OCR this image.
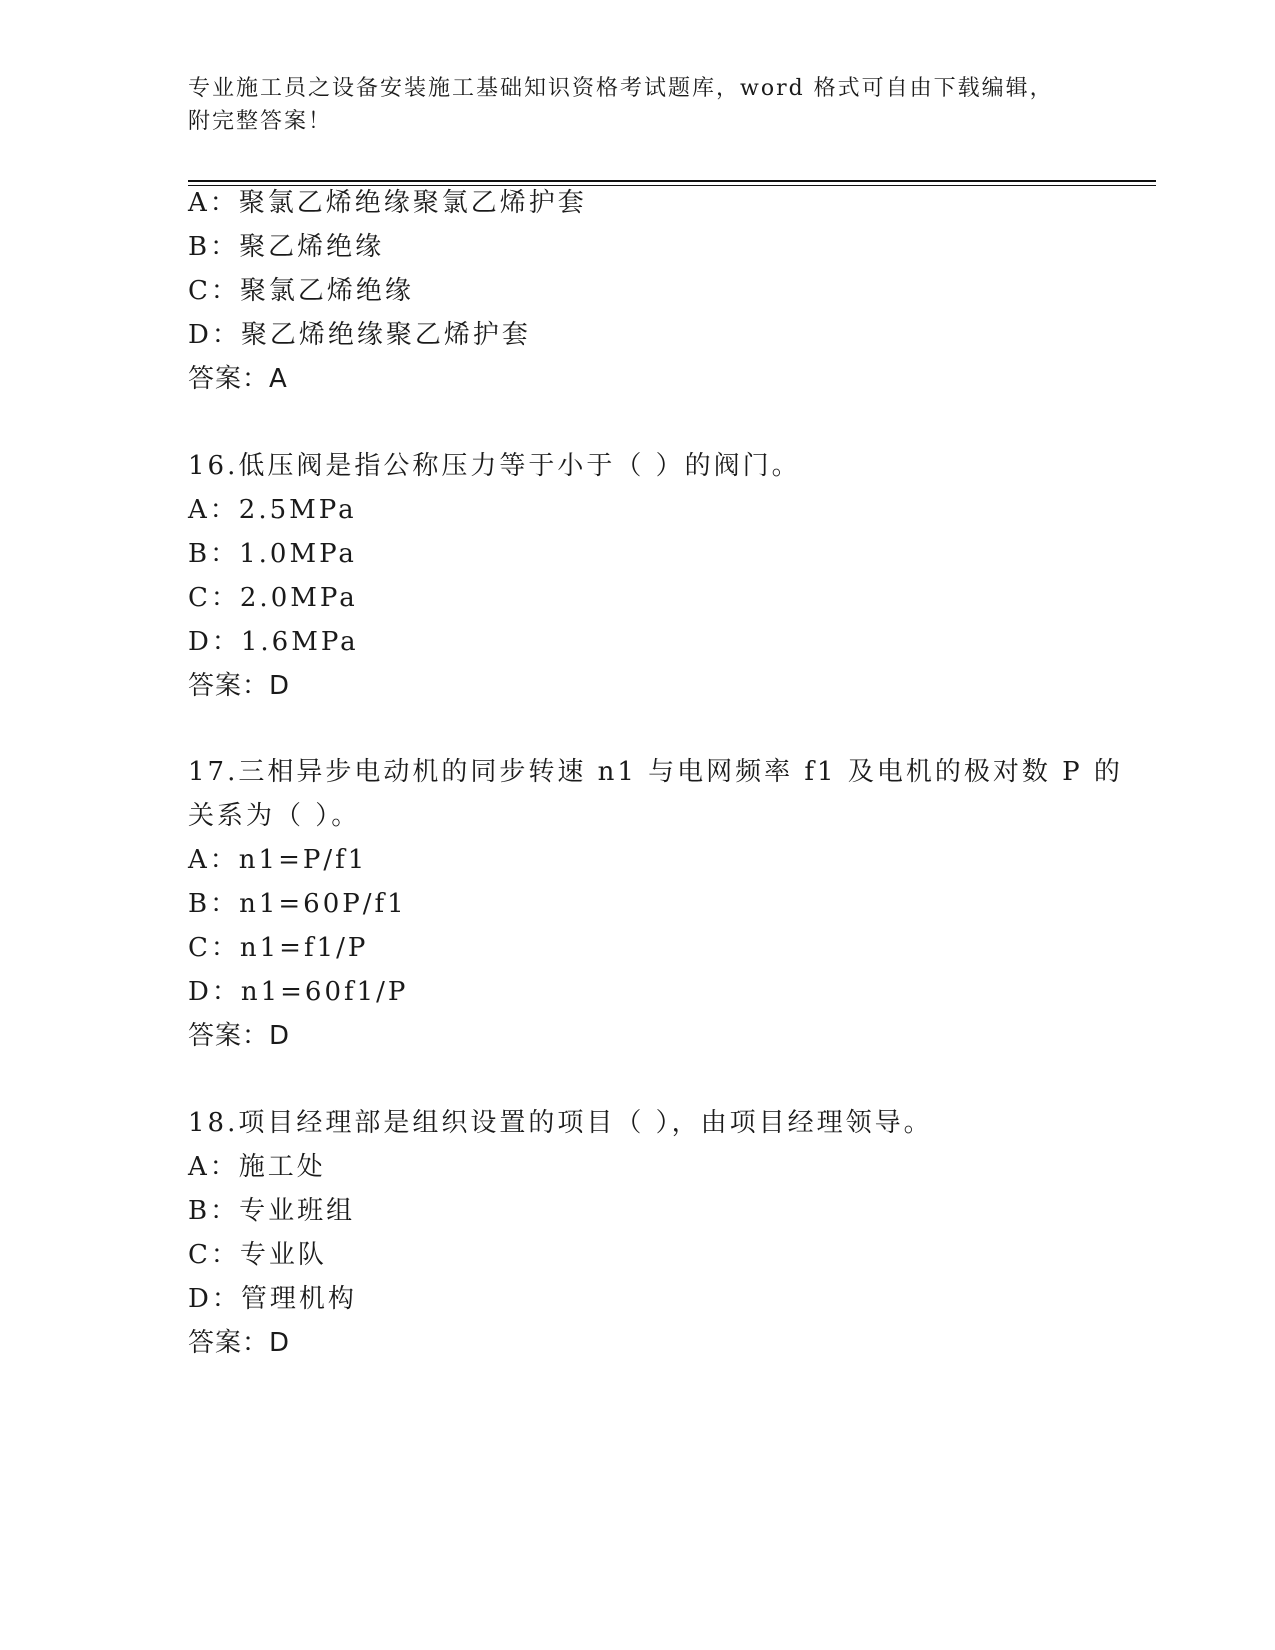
专业施工员之设备安装施工基础知识资格考试题库，word 格式可自由下载编辑，
附完整答案！
A：聚氯乙烯绝缘聚氯乙烯护套
B：聚乙烯绝缘
C：聚氯乙烯绝缘
D：聚乙烯绝缘聚乙烯护套
答案：A
16.低压阀是指公称压力等于小于（ ）的阀门。
A：2.5MPa
B：1.0MPa
C：2.0MPa
D：1.6MPa
答案：D
17.三相异步电动机的同步转速 n1 与电网频率 f1 及电机的极对数 P 的
关系为（ ）。
A：n1=P/f1
B：n1=60P/f1
C：n1=f1/P
D：n1=60f1/P
答案：D
18.项目经理部是组织设置的项目（ ），由项目经理领导。
A：施工处
B：专业班组
C：专业队
D：管理机构
答案：D
